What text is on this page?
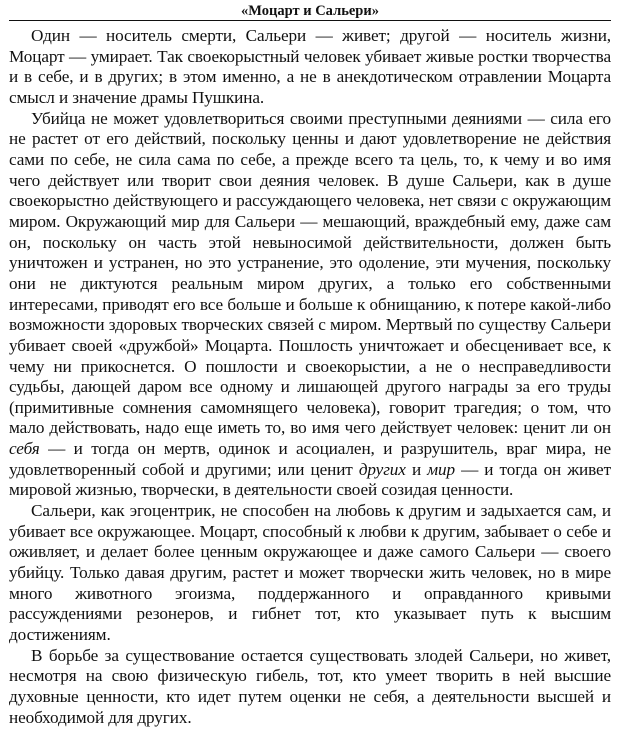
«Моцарт и Сальери»

Один — носитель смерти, Сальери — живет; другой — носитель жизни, Моцарт — умирает. Так своекорыстный человек убивает живые ростки творчества и в себе, и в других; в этом именно, а не в анекдотическом отравлении Моцарта смысл и значение драмы Пушкина.

Убийца не может удовлетвориться своими преступными деяниями — сила его не растет от его действий, поскольку ценны и дают удовлетворение не действия сами по себе, не сила сама по себе, а прежде всего та цель, то, к чему и во имя чего действует или творит свои деяния человек. В душе Сальери, как в душе своекорыстно действующего и рассуждающего человека, нет связи с окружающим миром. Окружающий мир для Сальери — мешающий, враждебный ему, даже сам он, поскольку он часть этой невыносимой действительности, должен быть уничтожен и устранен, но это устранение, это одоление, эти мучения, поскольку они не диктуются реальным миром других, а только его собственными интересами, приводят его все больше и больше к обнищанию, к потере какой-либо возможности здоровых творческих связей с миром. Мертвый по существу Сальери убивает своей «дружбой» Моцарта. Пошлость уничтожает и обесценивает все, к чему ни прикоснется. О пошлости и своекорыстии, а не о несправедливости судьбы, дающей даром все одному и лишающей другого награды за его труды (примитивные сомнения самомнящего человека), говорит трагедия; о том, что мало действовать, надо еще иметь то, во имя чего действует человек: ценит ли он себя — и тогда он мертв, одинок и асоциален, и разрушитель, враг мира, не удовлетворенный собой и другими; или ценит других и мир — и тогда он живет мировой жизнью, творчески, в деятельности своей созидая ценности.

Сальери, как эгоцентрик, не способен на любовь к другим и задыхается сам, и убивает все окружающее. Моцарт, способный к любви к другим, забывает о себе и оживляет, и делает более ценным окружающее и даже самого Сальери — своего убийцу. Только давая другим, растет и может творчески жить человек, но в мире много животного эгоизма, поддержанного и оправданного кривыми рассуждениями резонеров, и гибнет тот, кто указывает путь к высшим достижениям.

В борьбе за существование остается существовать злодей Сальери, но живет, несмотря на свою физическую гибель, тот, кто умеет творить в ней высшие духовные ценности, кто идет путем оценки не себя, а деятельности высшей и необходимой для других.
